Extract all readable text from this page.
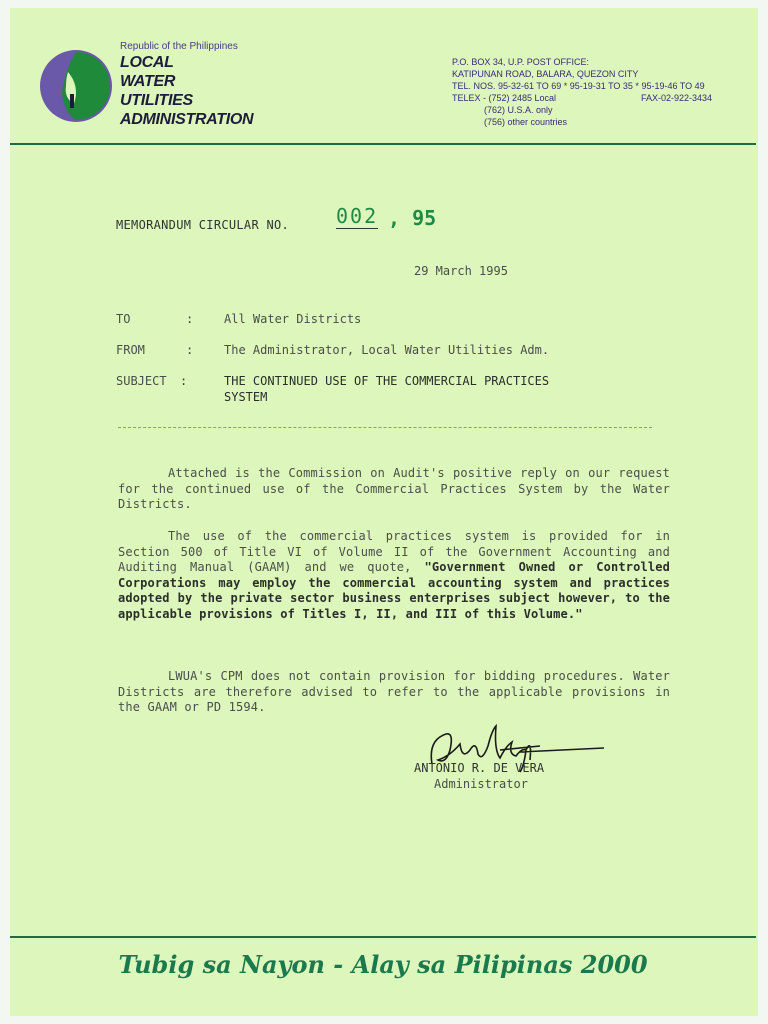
Republic of the Philippines
LOCAL
WATER
UTILITIES
ADMINISTRATION
P.O. BOX 34, U.P. POST OFFICE:
KATIPUNAN ROAD, BALARA, QUEZON CITY
TEL. NOS. 95-32-61 TO 69 * 95-19-31 TO 35 * 95-19-46 TO 49
TELEX - (752) 2485 Local	FAX-02-922-3434
(762) U.S.A. only
(756) other countries
MEMORANDUM CIRCULAR NO. 002 , 95
29 March 1995
TO	:	All Water Districts
FROM	:	The Administrator, Local Water Utilities Adm.
SUBJECT :	THE CONTINUED USE OF THE COMMERCIAL PRACTICES
SYSTEM
Attached is the Commission on Audit's positive reply on our request for the continued use of the Commercial Practices System by the Water Districts.
The use of the commercial practices system is provided for in Section 500 of Title VI of Volume II of the Government Accounting and Auditing Manual (GAAM) and we quote, "Government Owned or Controlled Corporations may employ the commercial accounting system and practices adopted by the private sector business enterprises subject however, to the applicable provisions of Titles I, II, and III of this Volume."
LWUA's CPM does not contain provision for bidding procedures. Water Districts are therefore advised to refer to the applicable provisions in the GAAM or PD 1594.
ANTONIO R. DE VERA
Administrator
Tubig sa Nayon - Alay sa Pilipinas 2000
